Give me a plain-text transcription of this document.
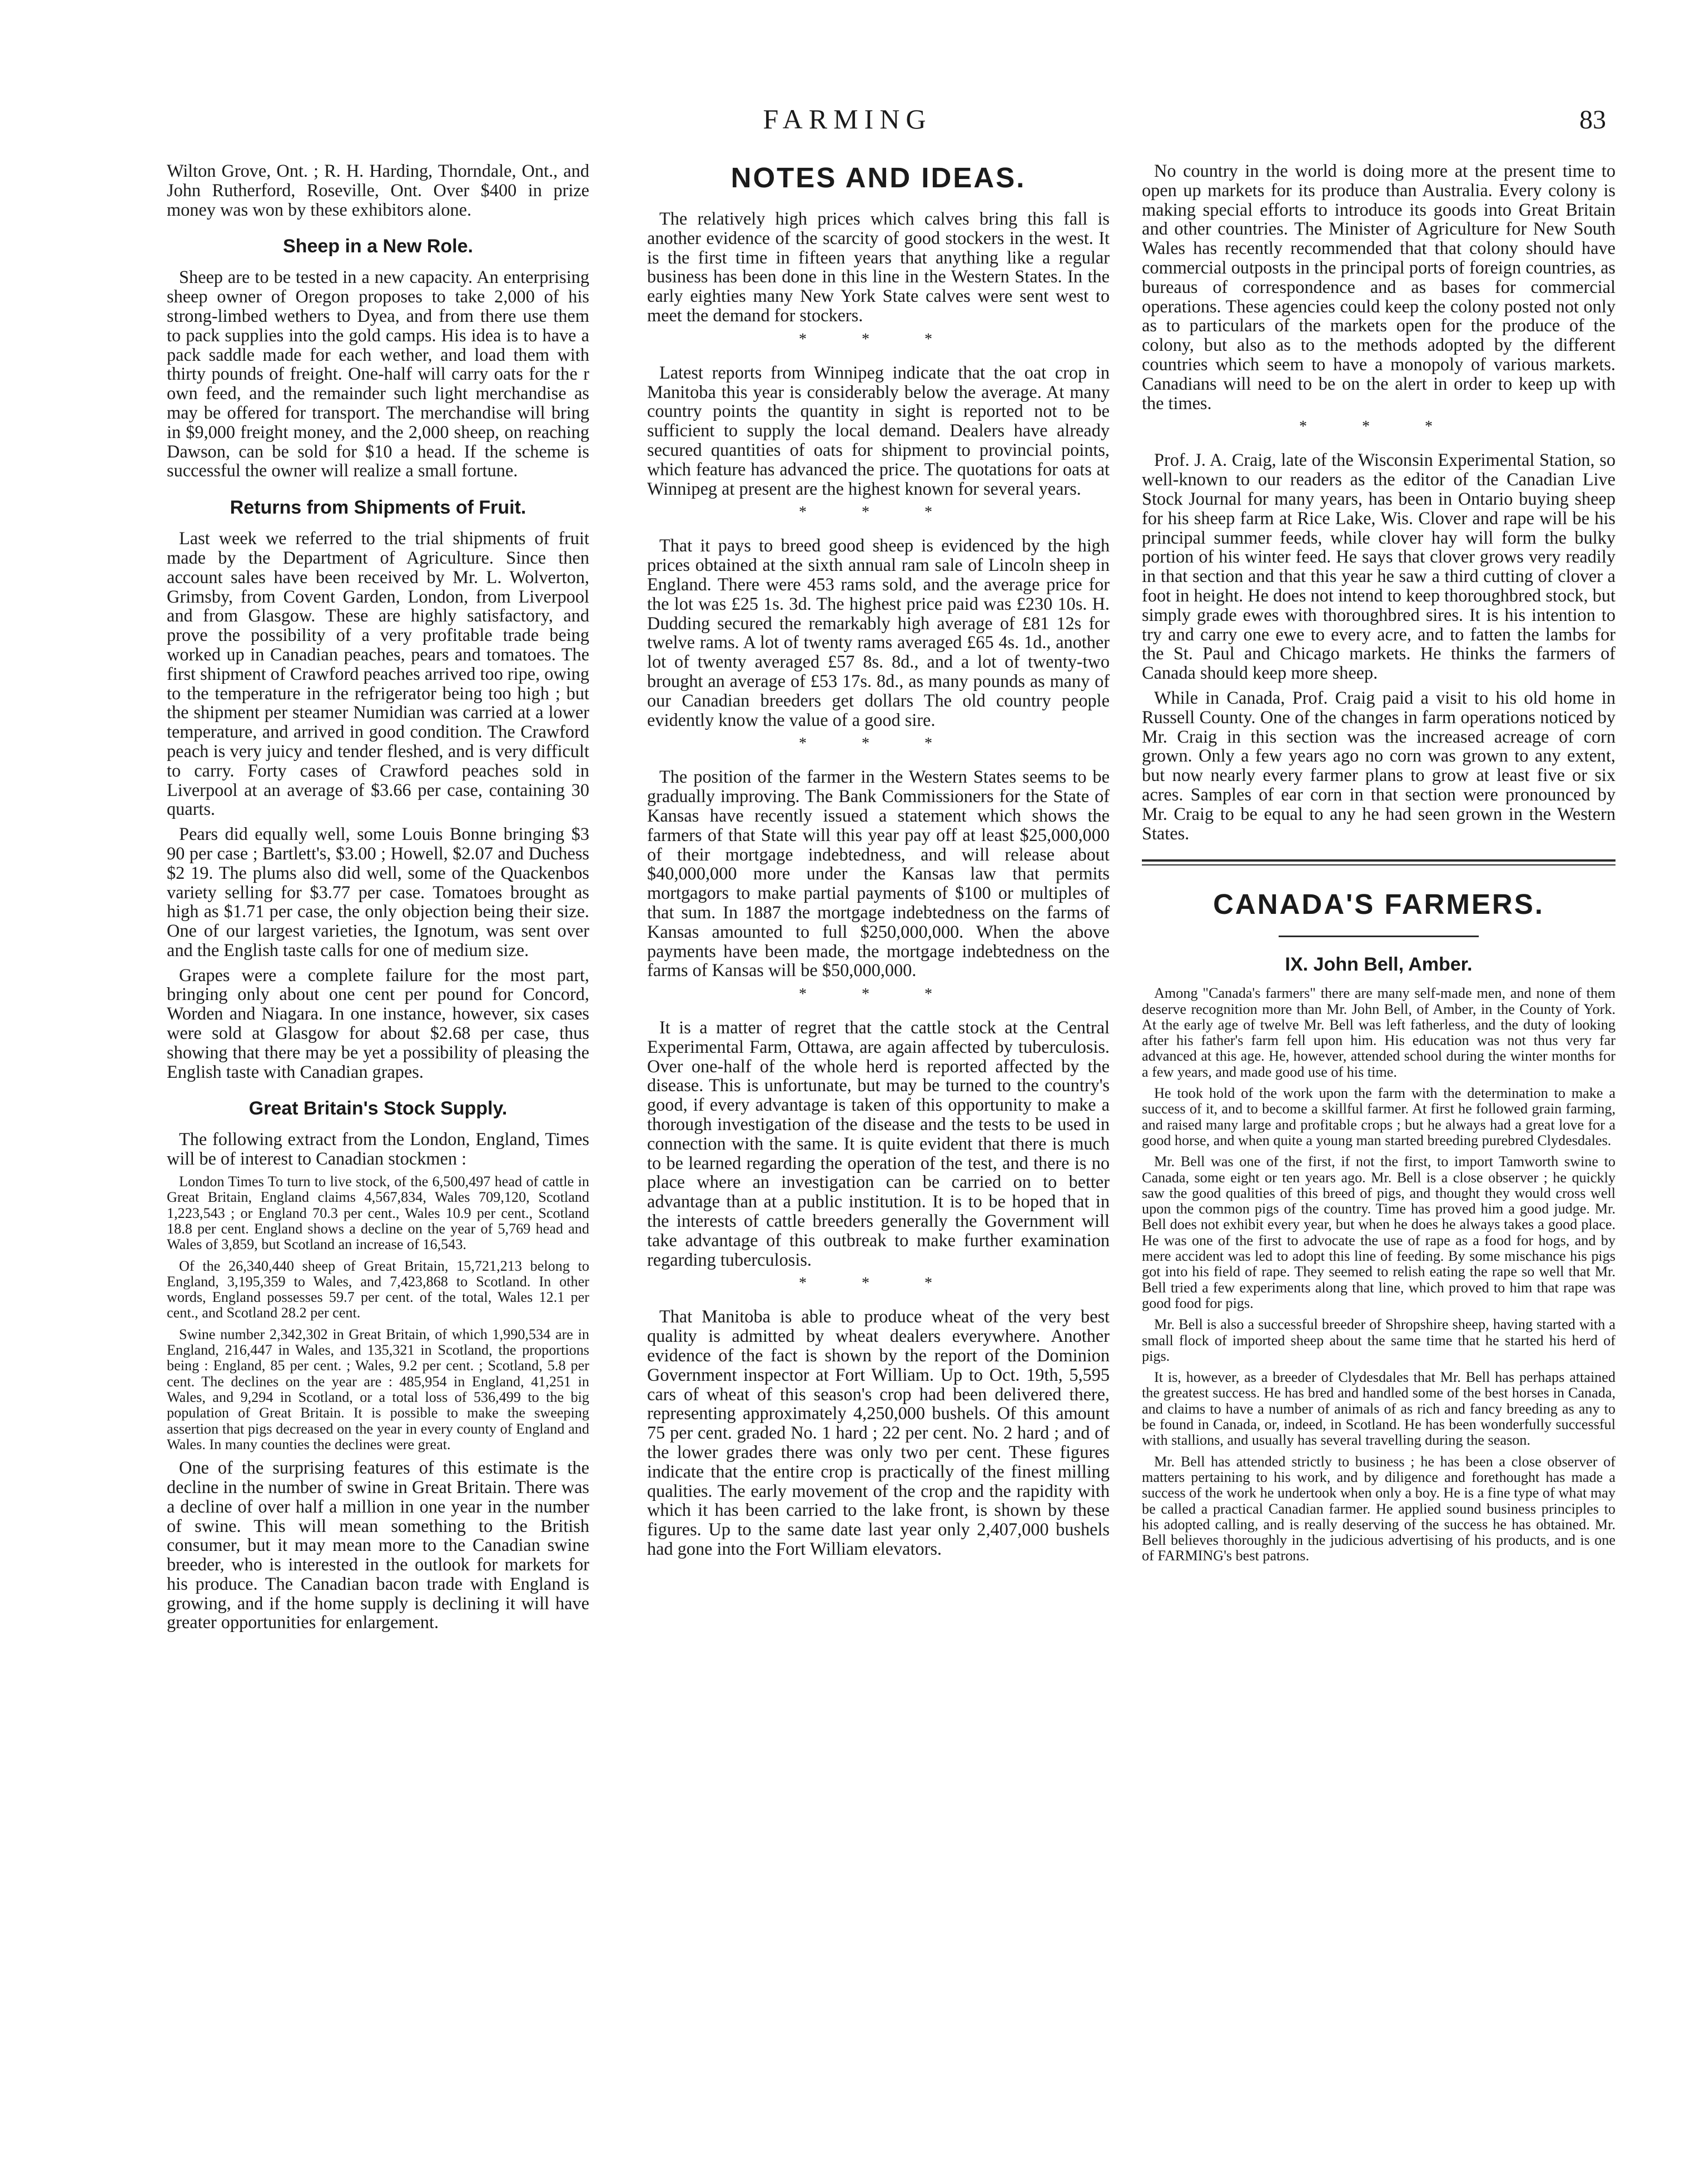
FARMING	83

Wilton Grove, Ont. ; R. H. Harding, Thorndale, Ont., and John Rutherford, Roseville, Ont. Over $400 in prize money was won by these exhibitors alone.

Sheep in a New Role.

Sheep are to be tested in a new capacity. An enterprising sheep owner of Oregon proposes to take 2,000 of his strong-limbed wethers to Dyea, and from there use them to pack supplies into the gold camps. His idea is to have a pack saddle made for each wether, and load them with thirty pounds of freight. One-half will carry oats for the r own feed, and the remainder such light merchandise as may be offered for transport. The merchandise will bring in $9,000 freight money, and the 2,000 sheep, on reaching Dawson, can be sold for $10 a head. If the scheme is successful the owner will realize a small fortune.

Returns from Shipments of Fruit.

Last week we referred to the trial shipments of fruit made by the Department of Agriculture. Since then account sales have been received by Mr. L. Wolverton, Grimsby, from Covent Garden, London, from Liverpool and from Glasgow. These are highly satisfactory, and prove the possibility of a very profitable trade being worked up in Canadian peaches, pears and tomatoes. The first shipment of Crawford peaches arrived too ripe, owing to the temperature in the refrigerator being too high ; but the shipment per steamer Numidian was carried at a lower temperature, and arrived in good condition. The Crawford peach is very juicy and tender fleshed, and is very difficult to carry. Forty cases of Crawford peaches sold in Liverpool at an average of $3.66 per case, containing 30 quarts.

Pears did equally well, some Louis Bonne bringing $3 90 per case ; Bartlett's, $3.00 ; Howell, $2.07 and Duchess $2 19. The plums also did well, some of the Quackenbos variety selling for $3.77 per case. Tomatoes brought as high as $1.71 per case, the only objection being their size. One of our largest varieties, the Ignotum, was sent over and the English taste calls for one of medium size.

Grapes were a complete failure for the most part, bringing only about one cent per pound for Concord, Worden and Niagara. In one instance, however, six cases were sold at Glasgow for about $2.68 per case, thus showing that there may be yet a possibility of pleasing the English taste with Canadian grapes.

Great Britain's Stock Supply.

The following extract from the London, England, Times will be of interest to Canadian stockmen :

London Times To turn to live stock, of the 6,500,497 head of cattle in Great Britain, England claims 4,567,834, Wales 709,120, Scotland 1,223,543 ; or England 70.3 per cent., Wales 10.9 per cent., Scotland 18.8 per cent. England shows a decline on the year of 5,769 head and Wales of 3,859, but Scotland an increase of 16,543.

Of the 26,340,440 sheep of Great Britain, 15,721,213 belong to England, 3,195,359 to Wales, and 7,423,868 to Scotland. In other words, England possesses 59.7 per cent. of the total, Wales 12.1 per cent., and Scotland 28.2 per cent.

Swine number 2,342,302 in Great Britain, of which 1,990,534 are in England, 216,447 in Wales, and 135,321 in Scotland, the proportions being : England, 85 per cent. ; Wales, 9.2 per cent. ; Scotland, 5.8 per cent. The declines on the year are : 485,954 in England, 41,251 in Wales, and 9,294 in Scotland, or a total loss of 536,499 to the big population of Great Britain. It is possible to make the sweeping assertion that pigs decreased on the year in every county of England and Wales. In many counties the declines were great.

One of the surprising features of this estimate is the decline in the number of swine in Great Britain. There was a decline of over half a million in one year in the number of swine. This will mean something to the British consumer, but it may mean more to the Canadian swine breeder, who is interested in the outlook for markets for his produce. The Canadian bacon trade with England is growing, and if the home supply is declining it will have greater opportunities for enlargement.

NOTES AND IDEAS.

The relatively high prices which calves bring this fall is another evidence of the scarcity of good stockers in the west. It is the first time in fifteen years that anything like a regular business has been done in this line in the Western States. In the early eighties many New York State calves were sent west to meet the demand for stockers.

* * *

Latest reports from Winnipeg indicate that the oat crop in Manitoba this year is considerably below the average. At many country points the quantity in sight is reported not to be sufficient to supply the local demand. Dealers have already secured quantities of oats for shipment to provincial points, which feature has advanced the price. The quotations for oats at Winnipeg at present are the highest known for several years.

* * *

That it pays to breed good sheep is evidenced by the high prices obtained at the sixth annual ram sale of Lincoln sheep in England. There were 453 rams sold, and the average price for the lot was £25 1s. 3d. The highest price paid was £230 10s. H. Dudding secured the remarkably high average of £81 12s for twelve rams. A lot of twenty rams averaged £65 4s. 1d., another lot of twenty averaged £57 8s. 8d., and a lot of twenty-two brought an average of £53 17s. 8d., as many pounds as many of our Canadian breeders get dollars The old country people evidently know the value of a good sire.

* * *

The position of the farmer in the Western States seems to be gradually improving. The Bank Commissioners for the State of Kansas have recently issued a statement which shows the farmers of that State will this year pay off at least $25,000,000 of their mortgage indebtedness, and will release about $40,000,000 more under the Kansas law that permits mortgagors to make partial payments of $100 or multiples of that sum. In 1887 the mortgage indebtedness on the farms of Kansas amounted to full $250,000,000. When the above payments have been made, the mortgage indebtedness on the farms of Kansas will be $50,000,000.

* * *

It is a matter of regret that the cattle stock at the Central Experimental Farm, Ottawa, are again affected by tuberculosis. Over one-half of the whole herd is reported affected by the disease. This is unfortunate, but may be turned to the country's good, if every advantage is taken of this opportunity to make a thorough investigation of the disease and the tests to be used in connection with the same. It is quite evident that there is much to be learned regarding the operation of the test, and there is no place where an investigation can be carried on to better advantage than at a public institution. It is to be hoped that in the interests of cattle breeders generally the Government will take advantage of this outbreak to make further examination regarding tuberculosis.

* * *

That Manitoba is able to produce wheat of the very best quality is admitted by wheat dealers everywhere. Another evidence of the fact is shown by the report of the Dominion Government inspector at Fort William. Up to Oct. 19th, 5,595 cars of wheat of this season's crop had been delivered there, representing approximately 4,250,000 bushels. Of this amount 75 per cent. graded No. 1 hard ; 22 per cent. No. 2 hard ; and of the lower grades there was only two per cent. These figures indicate that the entire crop is practically of the finest milling qualities. The early movement of the crop and the rapidity with which it has been carried to the lake front, is shown by these figures. Up to the same date last year only 2,407,000 bushels had gone into the Fort William elevators.

No country in the world is doing more at the present time to open up markets for its produce than Australia. Every colony is making special efforts to introduce its goods into Great Britain and other countries. The Minister of Agriculture for New South Wales has recently recommended that that colony should have commercial outposts in the principal ports of foreign countries, as bureaus of correspondence and as bases for commercial operations. These agencies could keep the colony posted not only as to particulars of the markets open for the produce of the colony, but also as to the methods adopted by the different countries which seem to have a monopoly of various markets. Canadians will need to be on the alert in order to keep up with the times.

* * *

Prof. J. A. Craig, late of the Wisconsin Experimental Station, so well-known to our readers as the editor of the Canadian Live Stock Journal for many years, has been in Ontario buying sheep for his sheep farm at Rice Lake, Wis. Clover and rape will be his principal summer feeds, while clover hay will form the bulky portion of his winter feed. He says that clover grows very readily in that section and that this year he saw a third cutting of clover a foot in height. He does not intend to keep thoroughbred stock, but simply grade ewes with thoroughbred sires. It is his intention to try and carry one ewe to every acre, and to fatten the lambs for the St. Paul and Chicago markets. He thinks the farmers of Canada should keep more sheep.

While in Canada, Prof. Craig paid a visit to his old home in Russell County. One of the changes in farm operations noticed by Mr. Craig in this section was the increased acreage of corn grown. Only a few years ago no corn was grown to any extent, but now nearly every farmer plans to grow at least five or six acres. Samples of ear corn in that section were pronounced by Mr. Craig to be equal to any he had seen grown in the Western States.

CANADA'S FARMERS.
IX. John Bell, Amber.

Among "Canada's farmers" there are many self-made men, and none of them deserve recognition more than Mr. John Bell, of Amber, in the County of York. At the early age of twelve Mr. Bell was left fatherless, and the duty of looking after his father's farm fell upon him. His education was not thus very far advanced at this age. He, however, attended school during the winter months for a few years, and made good use of his time.

He took hold of the work upon the farm with the determination to make a success of it, and to become a skillful farmer. At first he followed grain farming, and raised many large and profitable crops ; but he always had a great love for a good horse, and when quite a young man started breeding purebred Clydesdales.

Mr. Bell was one of the first, if not the first, to import Tamworth swine to Canada, some eight or ten years ago. Mr. Bell is a close observer ; he quickly saw the good qualities of this breed of pigs, and thought they would cross well upon the common pigs of the country. Time has proved him a good judge. Mr. Bell does not exhibit every year, but when he does he always takes a good place. He was one of the first to advocate the use of rape as a food for hogs, and by mere accident was led to adopt this line of feeding. By some mischance his pigs got into his field of rape. They seemed to relish eating the rape so well that Mr. Bell tried a few experiments along that line, which proved to him that rape was good food for pigs.

Mr. Bell is also a successful breeder of Shropshire sheep, having started with a small flock of imported sheep about the same time that he started his herd of pigs.

It is, however, as a breeder of Clydesdales that Mr. Bell has perhaps attained the greatest success. He has bred and handled some of the best horses in Canada, and claims to have a number of animals of as rich and fancy breeding as any to be found in Canada, or, indeed, in Scotland. He has been wonderfully successful with stallions, and usually has several travelling during the season.

Mr. Bell has attended strictly to business ; he has been a close observer of matters pertaining to his work, and by diligence and forethought has made a success of the work he undertook when only a boy. He is a fine type of what may be called a practical Canadian farmer. He applied sound business principles to his adopted calling, and is really deserving of the success he has obtained. Mr. Bell believes thoroughly in the judicious advertising of his products, and is one of FARMING's best patrons.
